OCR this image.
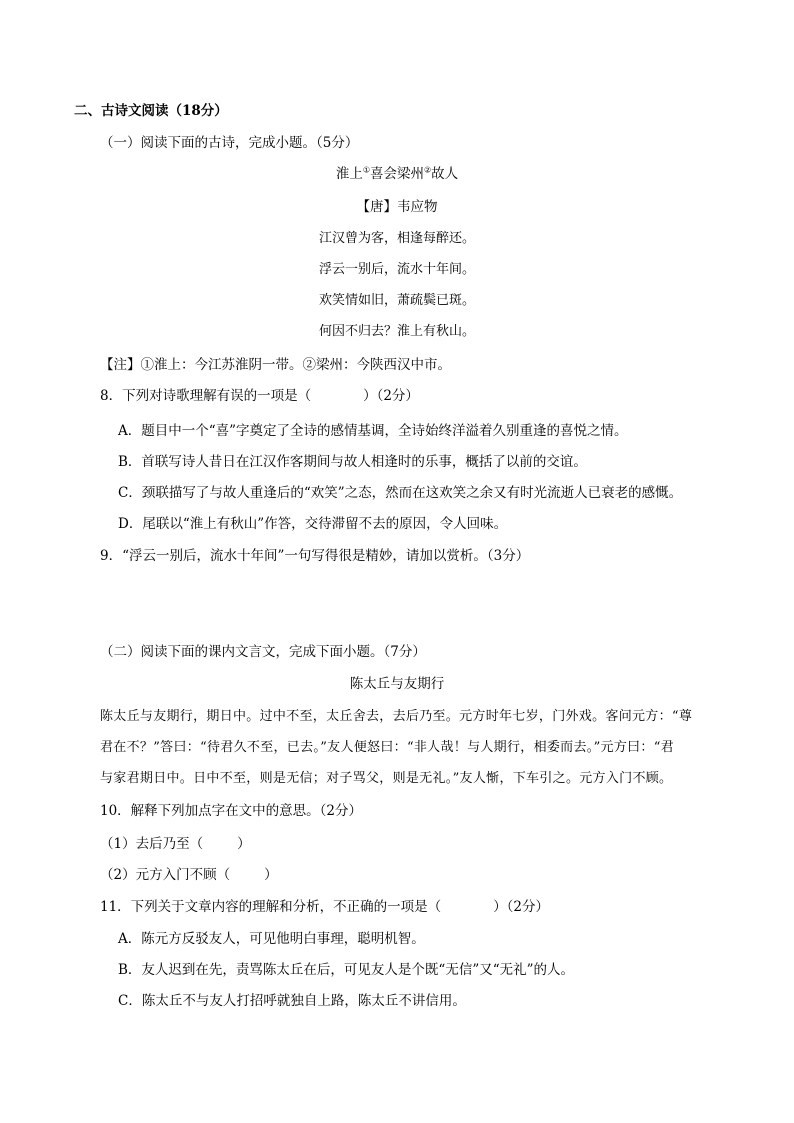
二、古诗文阅读（18分）
（一）阅读下面的古诗，完成小题。（5分）
淮上①喜会梁州②故人
【唐】韦应物
江汉曾为客，相逢每醉还。
浮云一别后，流水十年间。
欢笑情如旧，萧疏鬓已斑。
何因不归去？淮上有秋山。
【注】①淮上：今江苏淮阴一带。②梁州：今陕西汉中市。
8．下列对诗歌理解有误的一项是（	）（2分）
A．题目中一个“喜”字奠定了全诗的感情基调，全诗始终洋溢着久别重逢的喜悦之情。
B．首联写诗人昔日在江汉作客期间与故人相逢时的乐事，概括了以前的交谊。
C．颈联描写了与故人重逢后的“欢笑”之态，然而在这欢笑之余又有时光流逝人已衰老的感慨。
D．尾联以“淮上有秋山”作答，交待滞留不去的原因，令人回味。
9．“浮云一别后，流水十年间”一句写得很是精妙，请加以赏析。（3分）
（二）阅读下面的课内文言文，完成下面小题。（7分）
陈太丘与友期行
陈太丘与友期行，期日中。过中不至，太丘舍去，去后乃至。元方时年七岁，门外戏。客问元方：“尊
君在不？”答曰：“待君久不至，已去。”友人便怒曰：“非人哉！与人期行，相委而去。”元方曰：“君
与家君期日中。日中不至，则是无信；对子骂父，则是无礼。”友人惭，下车引之。元方入门不顾。
10．解释下列加点字在文中的意思。（2分）
（1）去后乃至（	）
（2）元方入门不顾（	）
11．下列关于文章内容的理解和分析，不正确的一项是（	）（2分）
A．陈元方反驳友人，可见他明白事理，聪明机智。
B．友人迟到在先，责骂陈太丘在后，可见友人是个既“无信”又“无礼”的人。
C．陈太丘不与友人打招呼就独自上路，陈太丘不讲信用。
